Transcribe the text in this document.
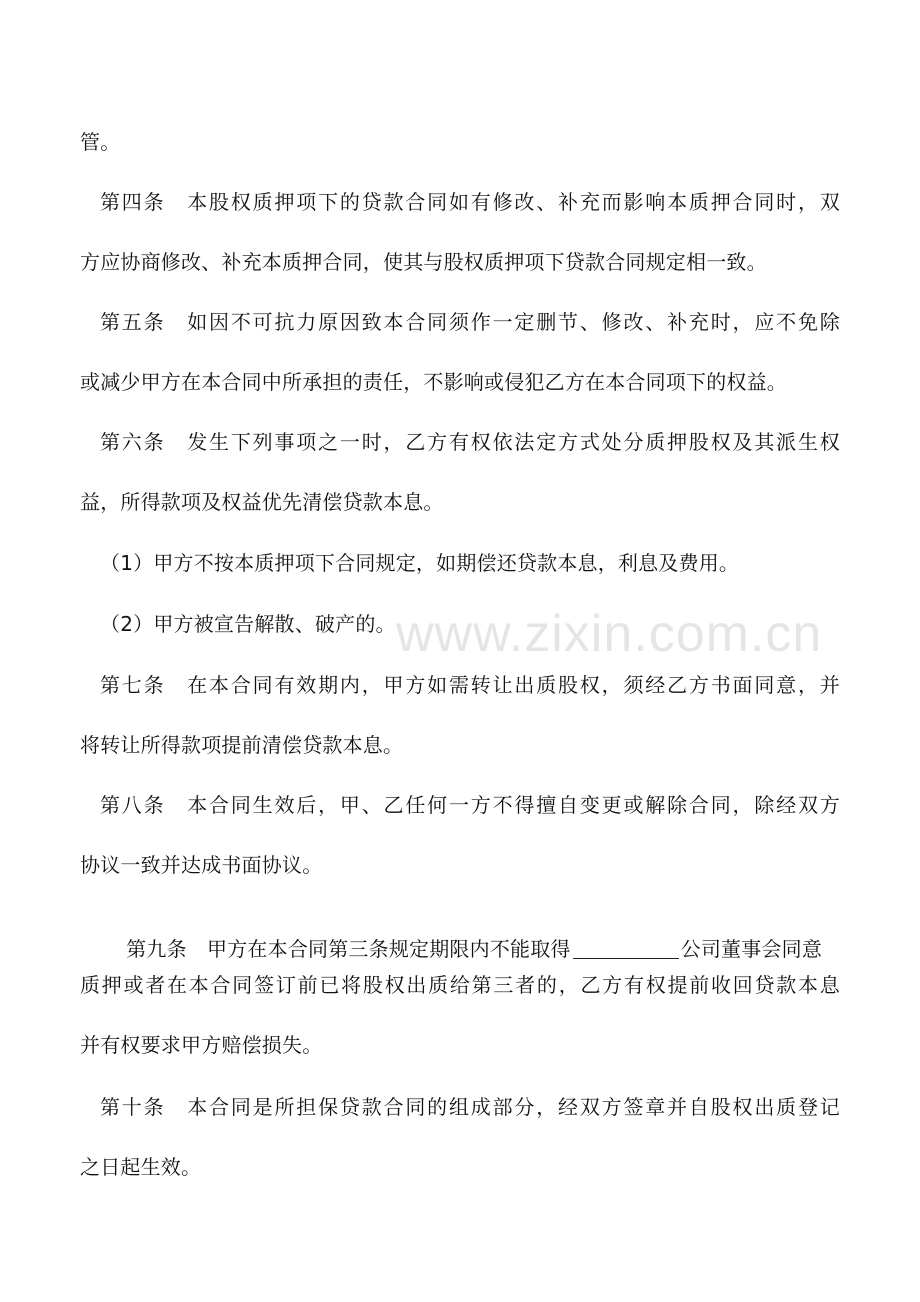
www.zixin.com.cn
管。
第四条　本股权质押项下的贷款合同如有修改、补充而影响本质押合同时，双
方应协商修改、补充本质押合同，使其与股权质押项下贷款合同规定相一致。
第五条　如因不可抗力原因致本合同须作一定删节、修改、补充时，应不免除
或减少甲方在本合同中所承担的责任，不影响或侵犯乙方在本合同项下的权益。
第六条　发生下列事项之一时，乙方有权依法定方式处分质押股权及其派生权
益，所得款项及权益优先清偿贷款本息。
（1）甲方不按本质押项下合同规定，如期偿还贷款本息，利息及费用。
（2）甲方被宣告解散、破产的。
第七条　在本合同有效期内，甲方如需转让出质股权，须经乙方书面同意，并
将转让所得款项提前清偿贷款本息。
第八条　本合同生效后，甲、乙任何一方不得擅自变更或解除合同，除经双方
协议一致并达成书面协议。

第九条　甲方在本合同第三条规定期限内不能取得	公司董事会同意

质押或者在本合同签订前已将股权出质给第三者的，乙方有权提前收回贷款本息
并有权要求甲方赔偿损失。
第十条　本合同是所担保贷款合同的组成部分，经双方签章并自股权出质登记
之日起生效。
